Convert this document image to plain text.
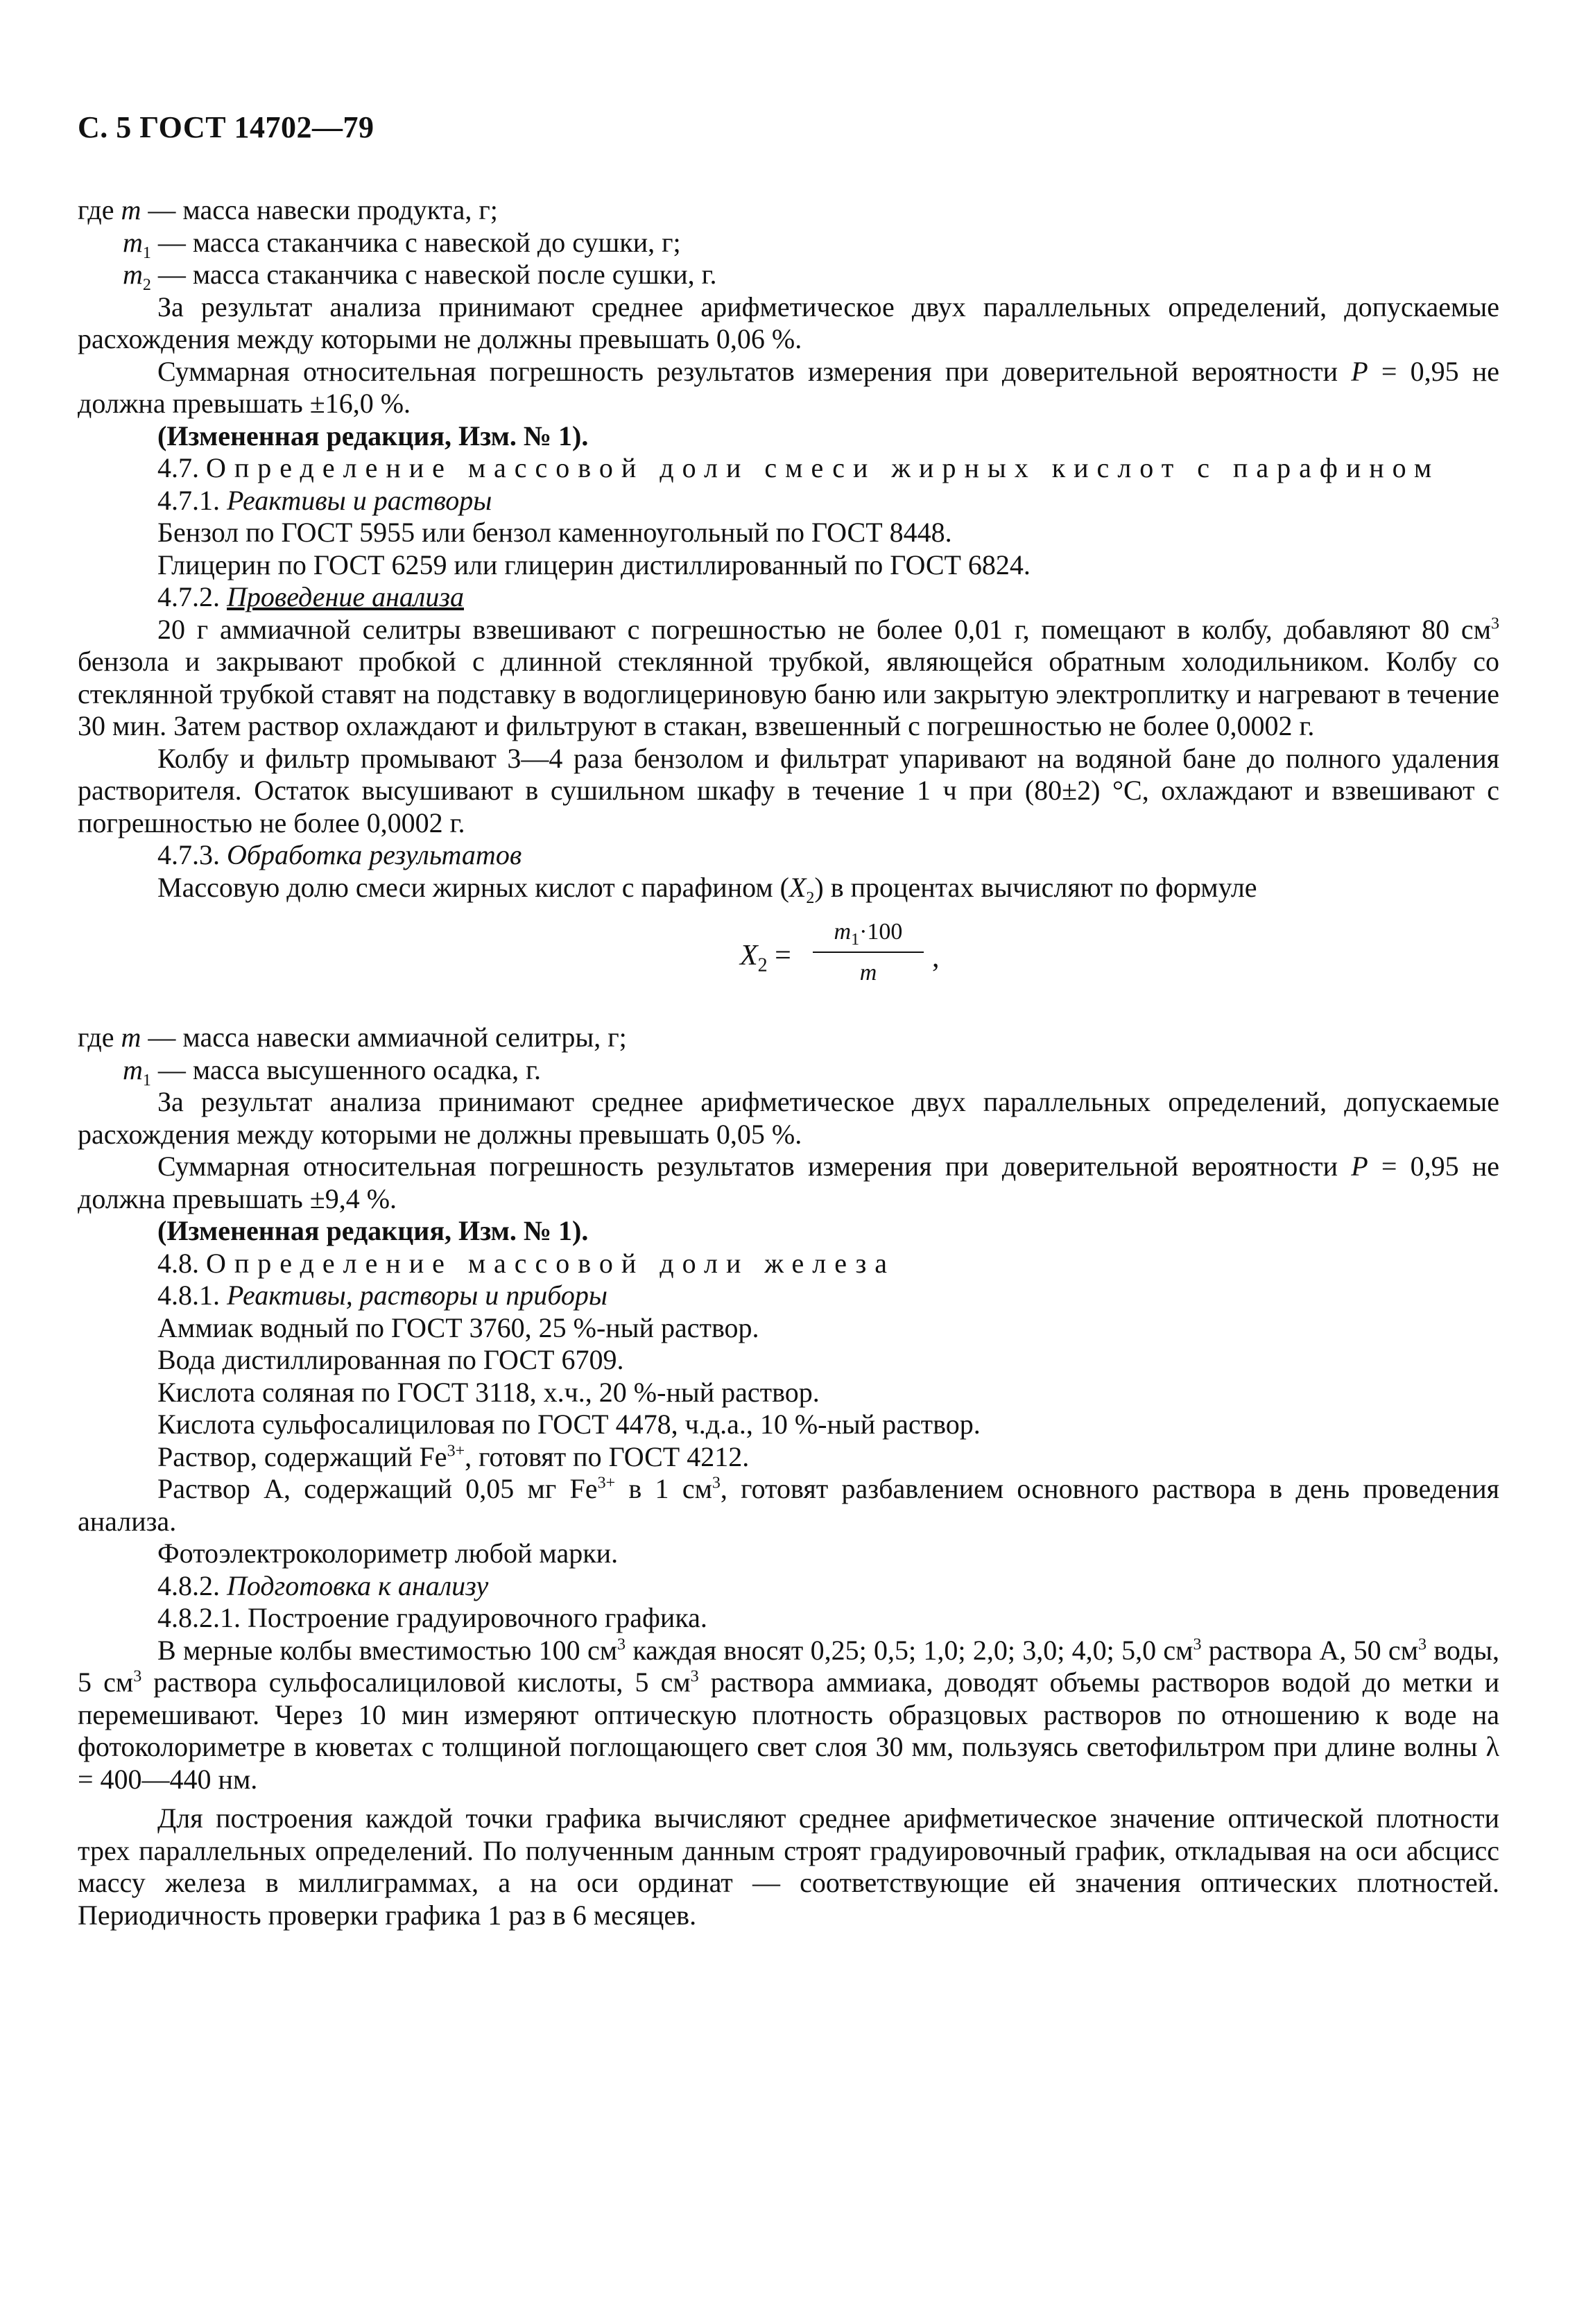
С. 5 ГОСТ 14702—79

где m — масса навески продукта, г;

$m_1$ — масса стаканчика с навеской до сушки, г;

$m_2$ — масса стаканчика с навеской после сушки, г.

За результат анализа принимают среднее арифметическое двух параллельных определений, допускаемые расхождения между которыми не должны превышать 0,06 %.

Суммарная относительная погрешность результатов измерения при доверительной вероятности P = 0,95 не должна превышать ±16,0 %.

(Измененная редакция, Изм. № 1).

4.7. Определение массовой доли смеси жирных кислот с парафином

4.7.1. Реактивы и растворы

Бензол по ГОСТ 5955 или бензол каменноугольный по ГОСТ 8448.

Глицерин по ГОСТ 6259 или глицерин дистиллированный по ГОСТ 6824.

4.7.2. Проведение анализа

20 г аммиачной селитры взвешивают с погрешностью не более 0,01 г, помещают в колбу, добавляют 80 $см^3$ бензола и закрывают пробкой с длинной стеклянной трубкой, являющейся обратным холодильником. Колбу со стеклянной трубкой ставят на подставку в водоглицериновую баню или закрытую электроплитку и нагревают в течение 30 мин. Затем раствор охлаждают и фильтруют в стакан, взвешенный с погрешностью не более 0,0002 г.

Колбу и фильтр промывают 3—4 раза бензолом и фильтрат упаривают на водяной бане до полного удаления растворителя. Остаток высушивают в сушильном шкафу в течение 1 ч при (80±2) °С, охлаждают и взвешивают с погрешностью не более 0,0002 г.

4.7.3. Обработка результатов

Массовую долю смеси жирных кислот с парафином $(X_2)$ в процентах вычисляют по формуле

$X_2 = \frac{m_1\cdot 100}{m}$ ,

где m — масса навески аммиачной селитры, г;

$m_1$ — масса высушенного осадка, г.

За результат анализа принимают среднее арифметическое двух параллельных определений, допускаемые расхождения между которыми не должны превышать 0,05 %.

Суммарная относительная погрешность результатов измерения при доверительной вероятности P = 0,95 не должна превышать ±9,4 %.

(Измененная редакция, Изм. № 1).

4.8. Определение массовой доли железа

4.8.1. Реактивы, растворы и приборы

Аммиак водный по ГОСТ 3760, 25 %-ный раствор.

Вода дистиллированная по ГОСТ 6709.

Кислота соляная по ГОСТ 3118, х.ч., 20 %-ный раствор.

Кислота сульфосалициловая по ГОСТ 4478, ч.д.а., 10 %-ный раствор.

Раствор, содержащий $Fe^{3+}$, готовят по ГОСТ 4212.

Раствор А, содержащий 0,05 мг $Fe^{3+}$ в 1 $см^3$, готовят разбавлением основного раствора в день проведения анализа.

Фотоэлектроколориметр любой марки.

4.8.2. Подготовка к анализу

4.8.2.1. Построение градуировочного графика.

В мерные колбы вместимостью 100 $см^3$ каждая вносят 0,25; 0,5; 1,0; 2,0; 3,0; 4,0; 5,0 $см^3$ раствора А, 50 $см^3$ воды, 5 $см^3$ раствора сульфосалициловой кислоты, 5 $см^3$ раствора аммиака, доводят объемы растворов водой до метки и перемешивают. Через 10 мин измеряют оптическую плотность образцовых растворов по отношению к воде на фотоколориметре в кюветах с толщиной поглощающего свет слоя 30 мм, пользуясь светофильтром при длине волны λ = 400—440 нм.

Для построения каждой точки графика вычисляют среднее арифметическое значение оптической плотности трех параллельных определений. По полученным данным строят градуировочный график, откладывая на оси абсцисс массу железа в миллиграммах, а на оси ординат — соответствующие ей значения оптических плотностей. Периодичность проверки графика 1 раз в 6 месяцев.
